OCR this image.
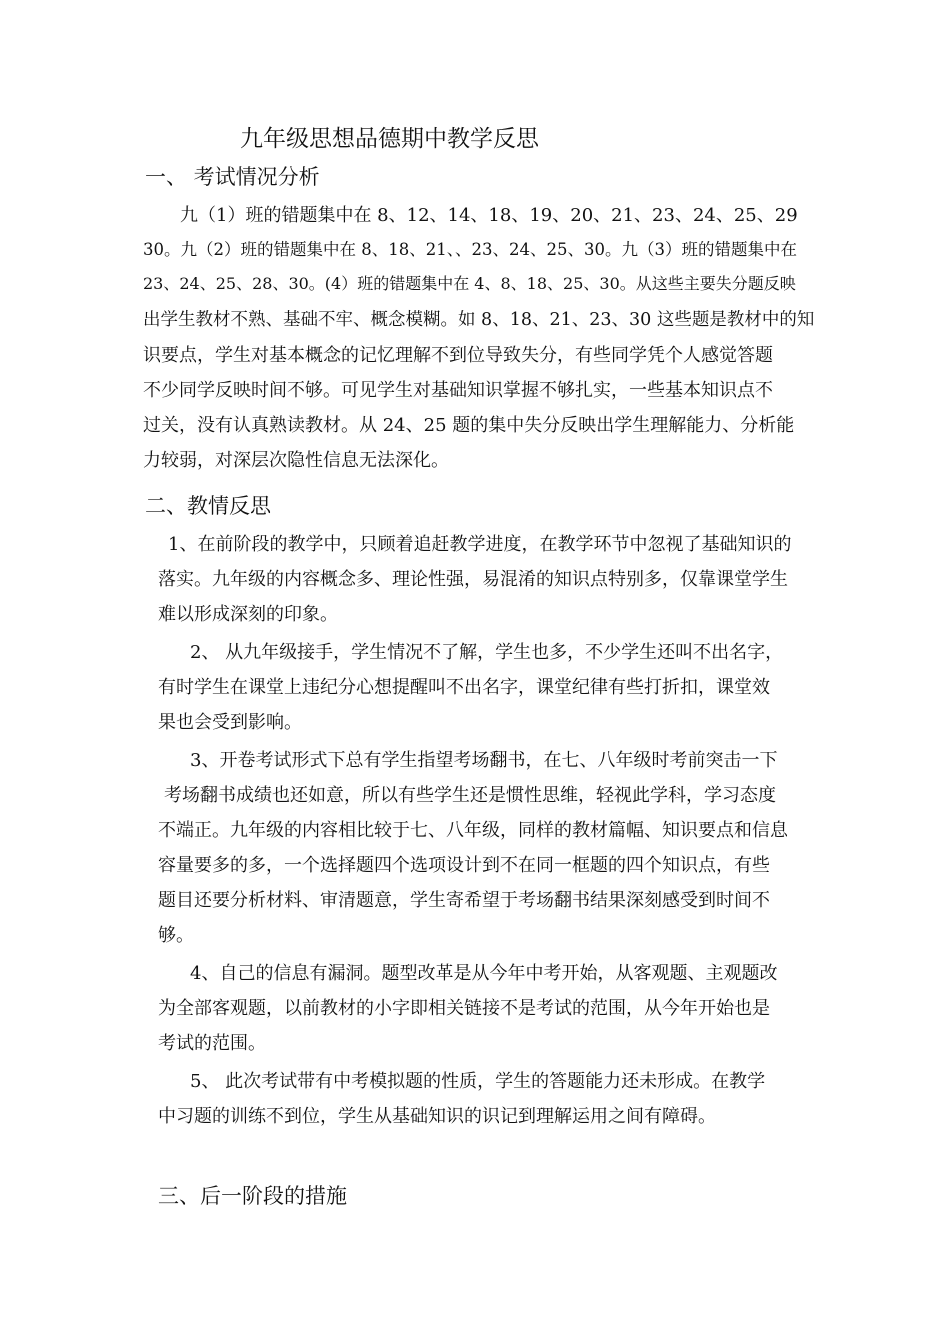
九年级思想品德期中教学反思
一、 考试情况分析
九（1）班的错题集中在 8、12、14、18、19、20、21、23、24、25、29
30。九（2）班的错题集中在 8、18、21、、23、24、25、30。九（3）班的错题集中在
23、24、25、28、30。(4）班的错题集中在 4、8、18、25、30。从这些主要失分题反映
出学生教材不熟、基础不牢、概念模糊。如 8、18、21、23、30 这些题是教材中的知
识要点，学生对基本概念的记忆理解不到位导致失分，有些同学凭个人感觉答题
不少同学反映时间不够。可见学生对基础知识掌握不够扎实，一些基本知识点不
过关，没有认真熟读教材。从 24、25 题的集中失分反映出学生理解能力、分析能
力较弱，对深层次隐性信息无法深化。
二、教情反思
1、在前阶段的教学中，只顾着追赶教学进度，在教学环节中忽视了基础知识的
落实。九年级的内容概念多、理论性强，易混淆的知识点特别多，仅靠课堂学生
难以形成深刻的印象。
2、 从九年级接手，学生情况不了解，学生也多，不少学生还叫不出名字，
有时学生在课堂上违纪分心想提醒叫不出名字，课堂纪律有些打折扣，课堂效
果也会受到影响。
3、开卷考试形式下总有学生指望考场翻书，在七、八年级时考前突击一下
考场翻书成绩也还如意，所以有些学生还是惯性思维，轻视此学科，学习态度
不端正。九年级的内容相比较于七、八年级，同样的教材篇幅、知识要点和信息
容量要多的多，一个选择题四个选项设计到不在同一框题的四个知识点，有些
题目还要分析材料、审清题意，学生寄希望于考场翻书结果深刻感受到时间不
够。
4、自己的信息有漏洞。题型改革是从今年中考开始，从客观题、主观题改
为全部客观题，以前教材的小字即相关链接不是考试的范围，从今年开始也是
考试的范围。
5、 此次考试带有中考模拟题的性质，学生的答题能力还未形成。在教学
中习题的训练不到位，学生从基础知识的识记到理解运用之间有障碍。
三、后一阶段的措施
